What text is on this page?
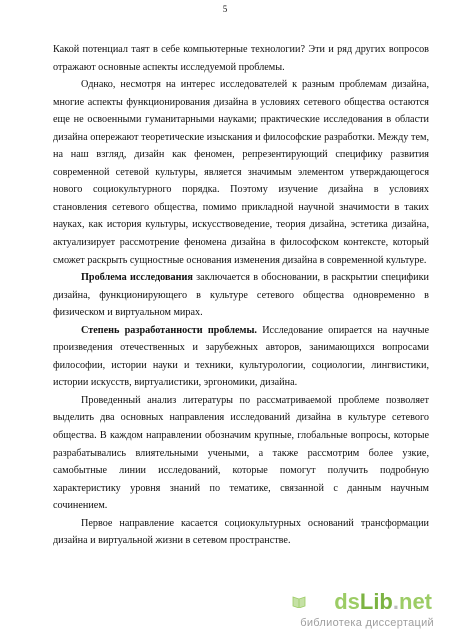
5

Какой потенциал таят в себе компьютерные технологии? Эти и ряд других вопросов отражают основные аспекты исследуемой проблемы.

Однако, несмотря на интерес исследователей к разным проблемам дизайна, многие аспекты функционирования дизайна в условиях сетевого общества остаются еще не освоенными гуманитарными науками; практические исследования в области дизайна опережают теоретические изыскания и философские разработки. Между тем, на наш взгляд, дизайн как феномен, репрезентирующий специфику развития современной сетевой культуры, является значимым элементом утверждающегося нового социокультурного порядка. Поэтому изучение дизайна в условиях становления сетевого общества, помимо прикладной научной значимости в таких науках, как история культуры, искусствоведение, теория дизайна, эстетика дизайна, актуализирует рассмотрение феномена дизайна в философском контексте, который сможет раскрыть сущностные основания изменения дизайна в современной культуре.

Проблема исследования заключается в обосновании, в раскрытии специфики дизайна, функционирующего в культуре сетевого общества одновременно в физическом и виртуальном мирах.

Степень разработанности проблемы. Исследование опирается на научные произведения отечественных и зарубежных авторов, занимающихся вопросами философии, истории науки и техники, культурологии, социологии, лингвистики, истории искусств, виртуалистики, эргономики, дизайна.

Проведенный анализ литературы по рассматриваемой проблеме позволяет выделить два основных направления исследований дизайна в культуре сетевого общества. В каждом направлении обозначим крупные, глобальные вопросы, которые разрабатывались влиятельными учеными, а также рассмотрим более узкие, самобытные линии исследований, которые помогут получить подробную характеристику уровня знаний по тематике, связанной с данным научным сочинением.

Первое направление касается социокультурных оснований трансформации дизайна и виртуальной жизни в сетевом пространстве.

dsLib.net
библиотека диссертаций
